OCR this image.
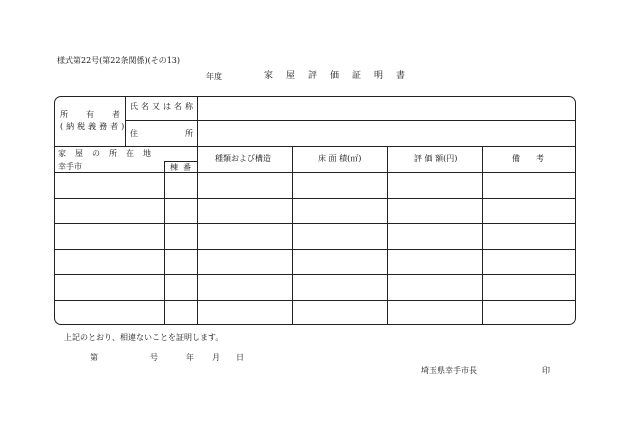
様式第22号(第22条関係)(その13)
年度	家屋評価証明書
所 有 者
(納税義務者)
氏 名 又 は 名 称
住	所
家 屋 の 所 在 地
幸手市	棟 番
種類および構造	床 面 積(㎡)	評 価 額(円)	備　　考
上記のとおり、相違ないことを証明します。
第	号	年 月 日
埼玉県幸手市長	印
